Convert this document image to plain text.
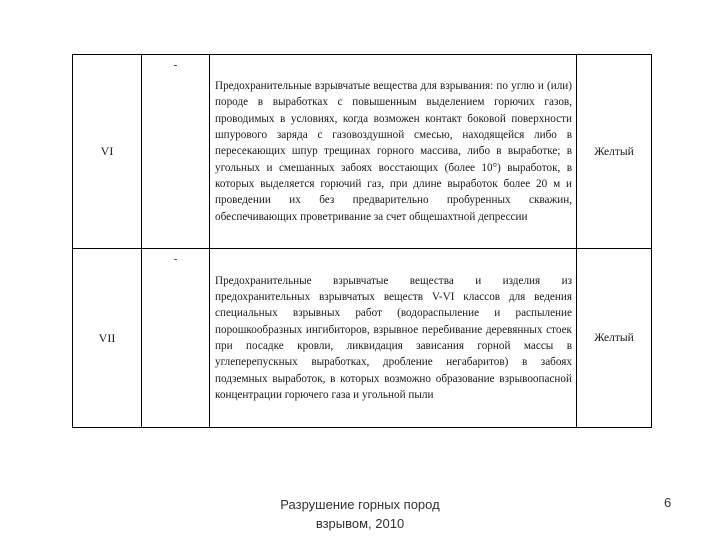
VI	-	Предохранительные взрывчатые вещества для взрывания: по углю и (или) породе в выработках с повышенным выделением горючих газов, проводимых в условиях, когда возможен контакт боковой поверхности шпурового заряда с газовоздушной смесью, находящейся либо в пересекающих шпур трещинах горного массива, либо в выработке; в угольных и смешанных забоях восстающих (более 10°) выработок, в которых выделяется горючий газ, при длине выработок более 20 м и проведении их без предварительно пробуренных скважин, обеспечивающих проветривание за счет общешахтной депрессии	Желтый
VII	-	Предохранительные взрывчатые вещества и изделия из предохранительных взрывчатых веществ V-VI классов для ведения специальных взрывных работ (водораспыление и распыление порошкообразных ингибиторов, взрывное перебивание деревянных стоек при посадке кровли, ликвидация зависания горной массы в углеперепускных выработках, дробление негабаритов) в забоях подземных выработок, в которых возможно образование взрывоопасной концентрации горючего газа и угольной пыли	Желтый
Разрушение горных пород
взрывом, 2010
6
